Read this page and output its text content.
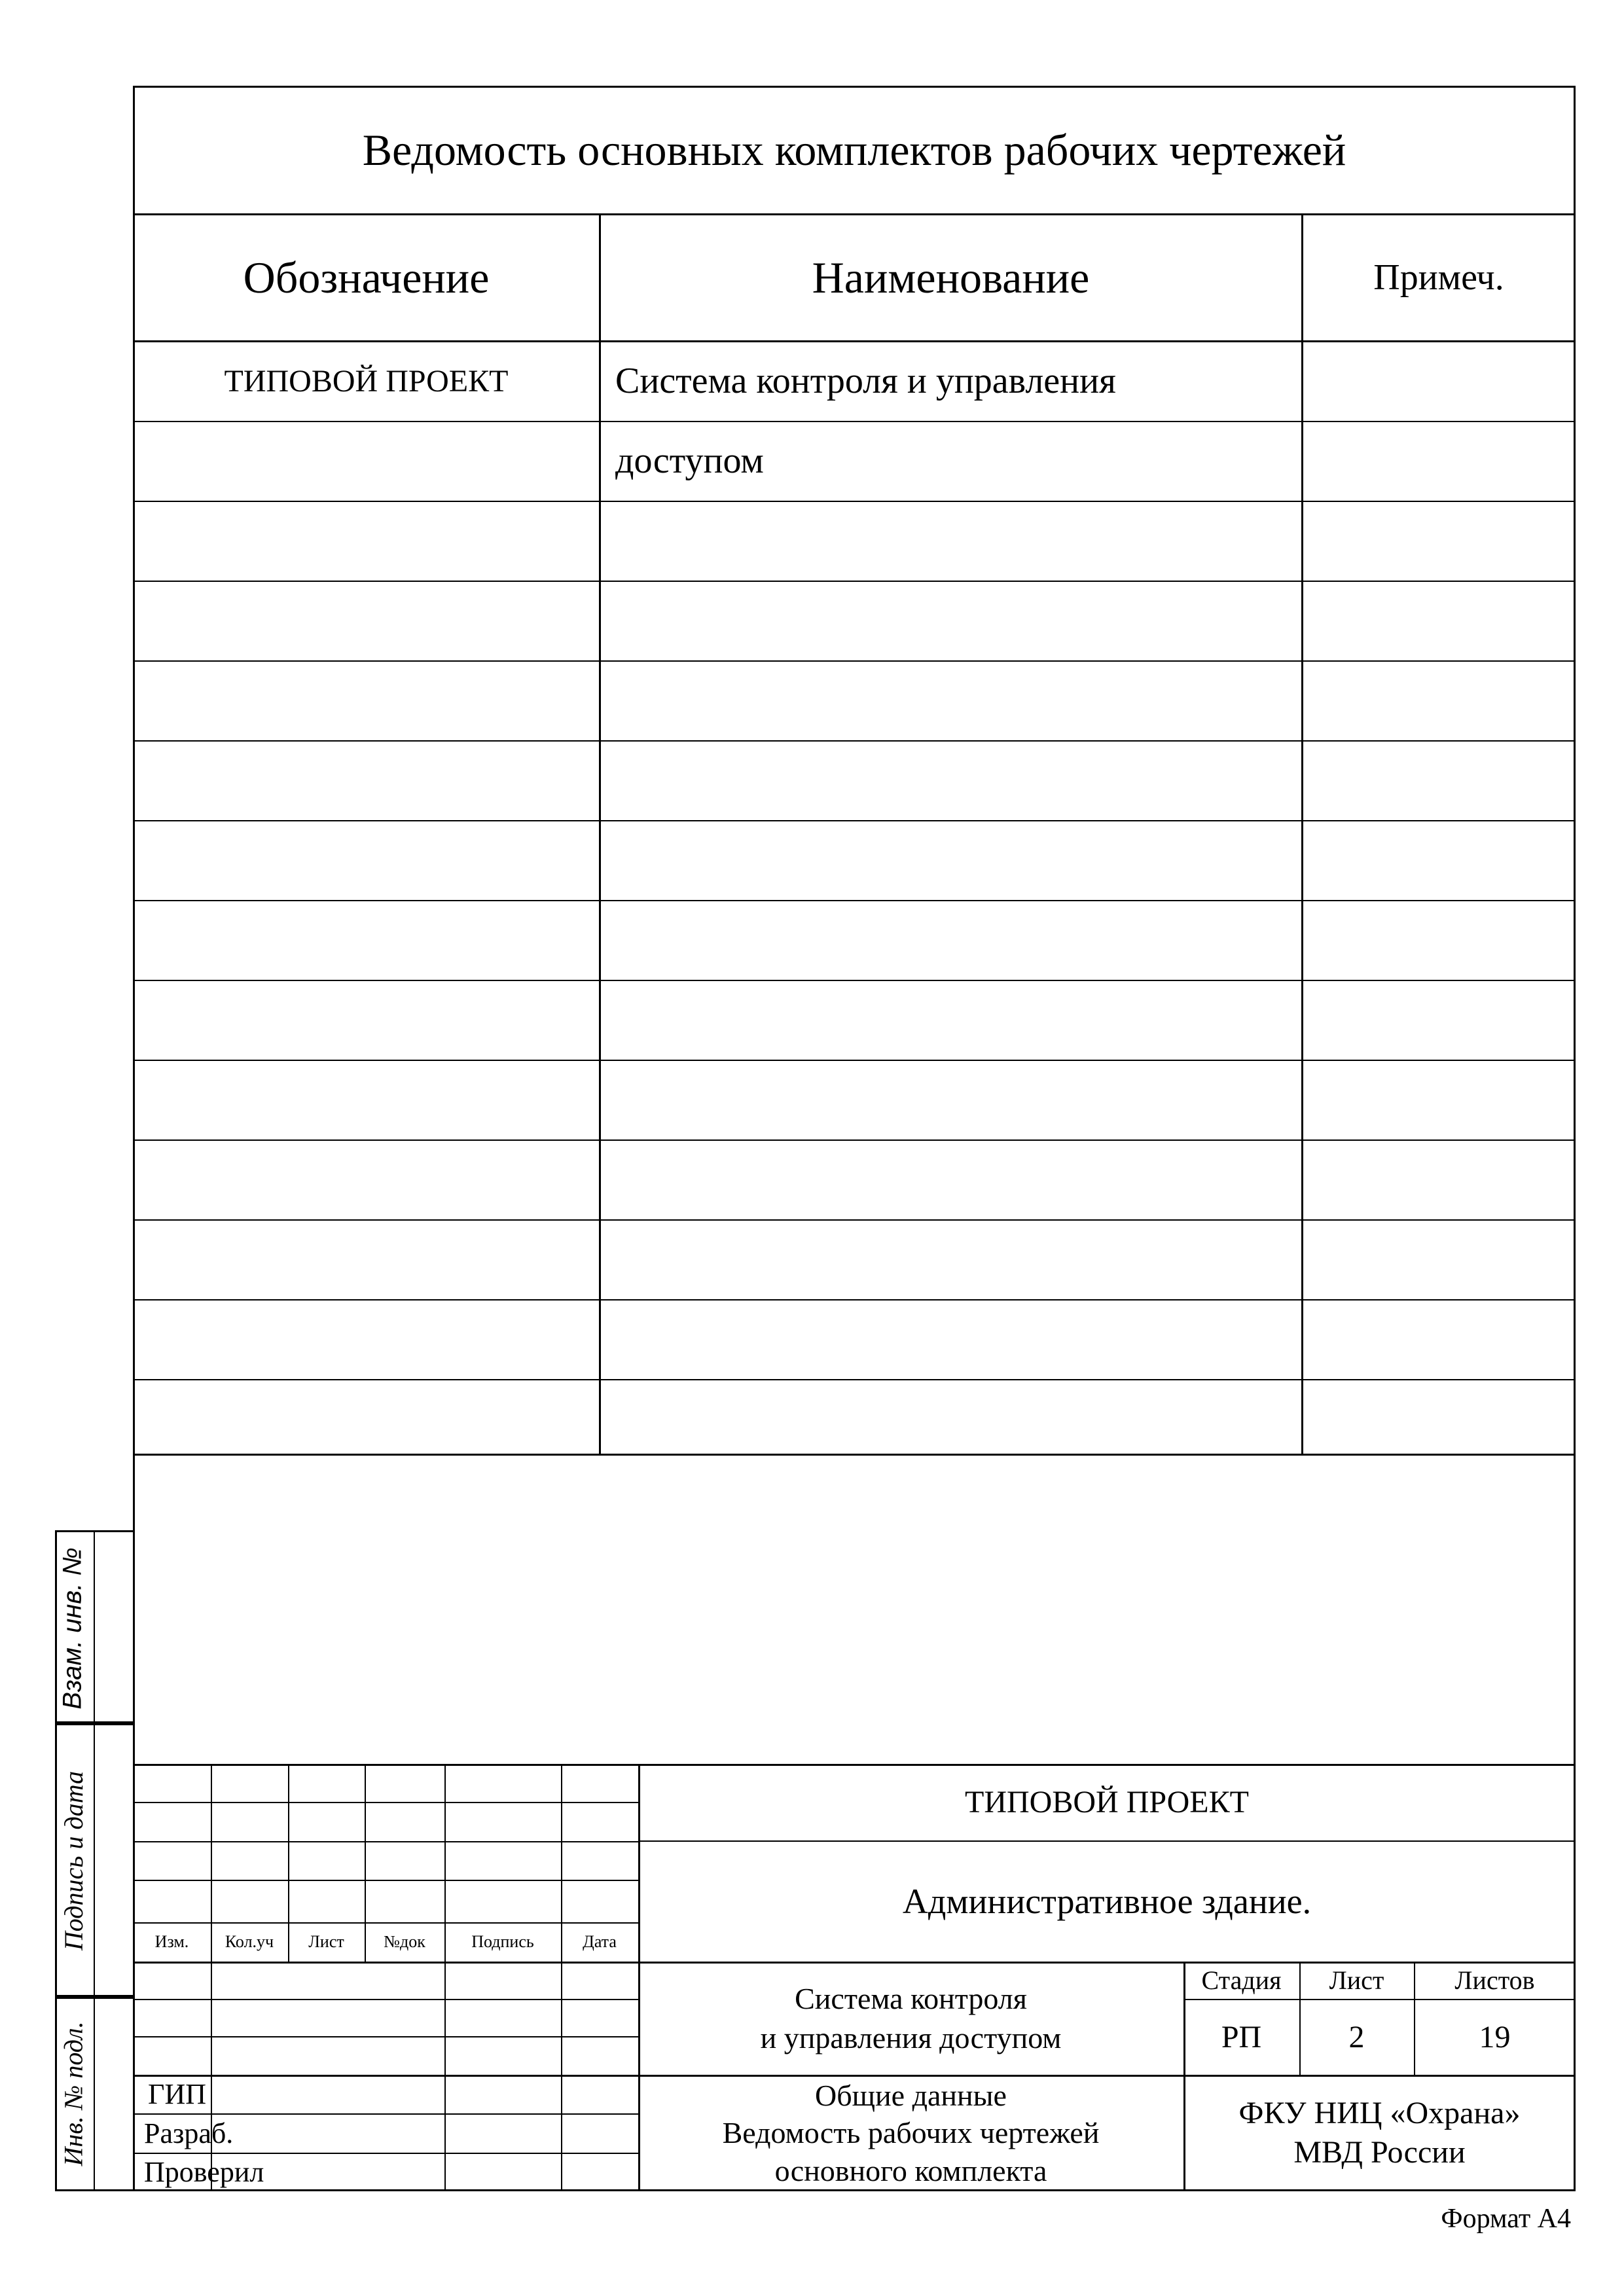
Ведомость основных комплектов рабочих чертежей
Обозначение	Наименование	Примеч.
ТИПОВОЙ ПРОЕКТ	Система контроля и управления
доступом
Взам. инв. №
Подпись и дата
Инв. № подл.
Изм.	Кол.уч	Лист	№док	Подпись	Дата
ГИП
Разраб.
Проверил
ТИПОВОЙ ПРОЕКТ
Административное здание.
Система контроля
и управления доступом
Стадия	Лист	Листов
РП	2	19
Общие данные
Ведомость рабочих чертежей
основного комплекта
ФКУ НИЦ «Охрана»
МВД России
Формат А4
